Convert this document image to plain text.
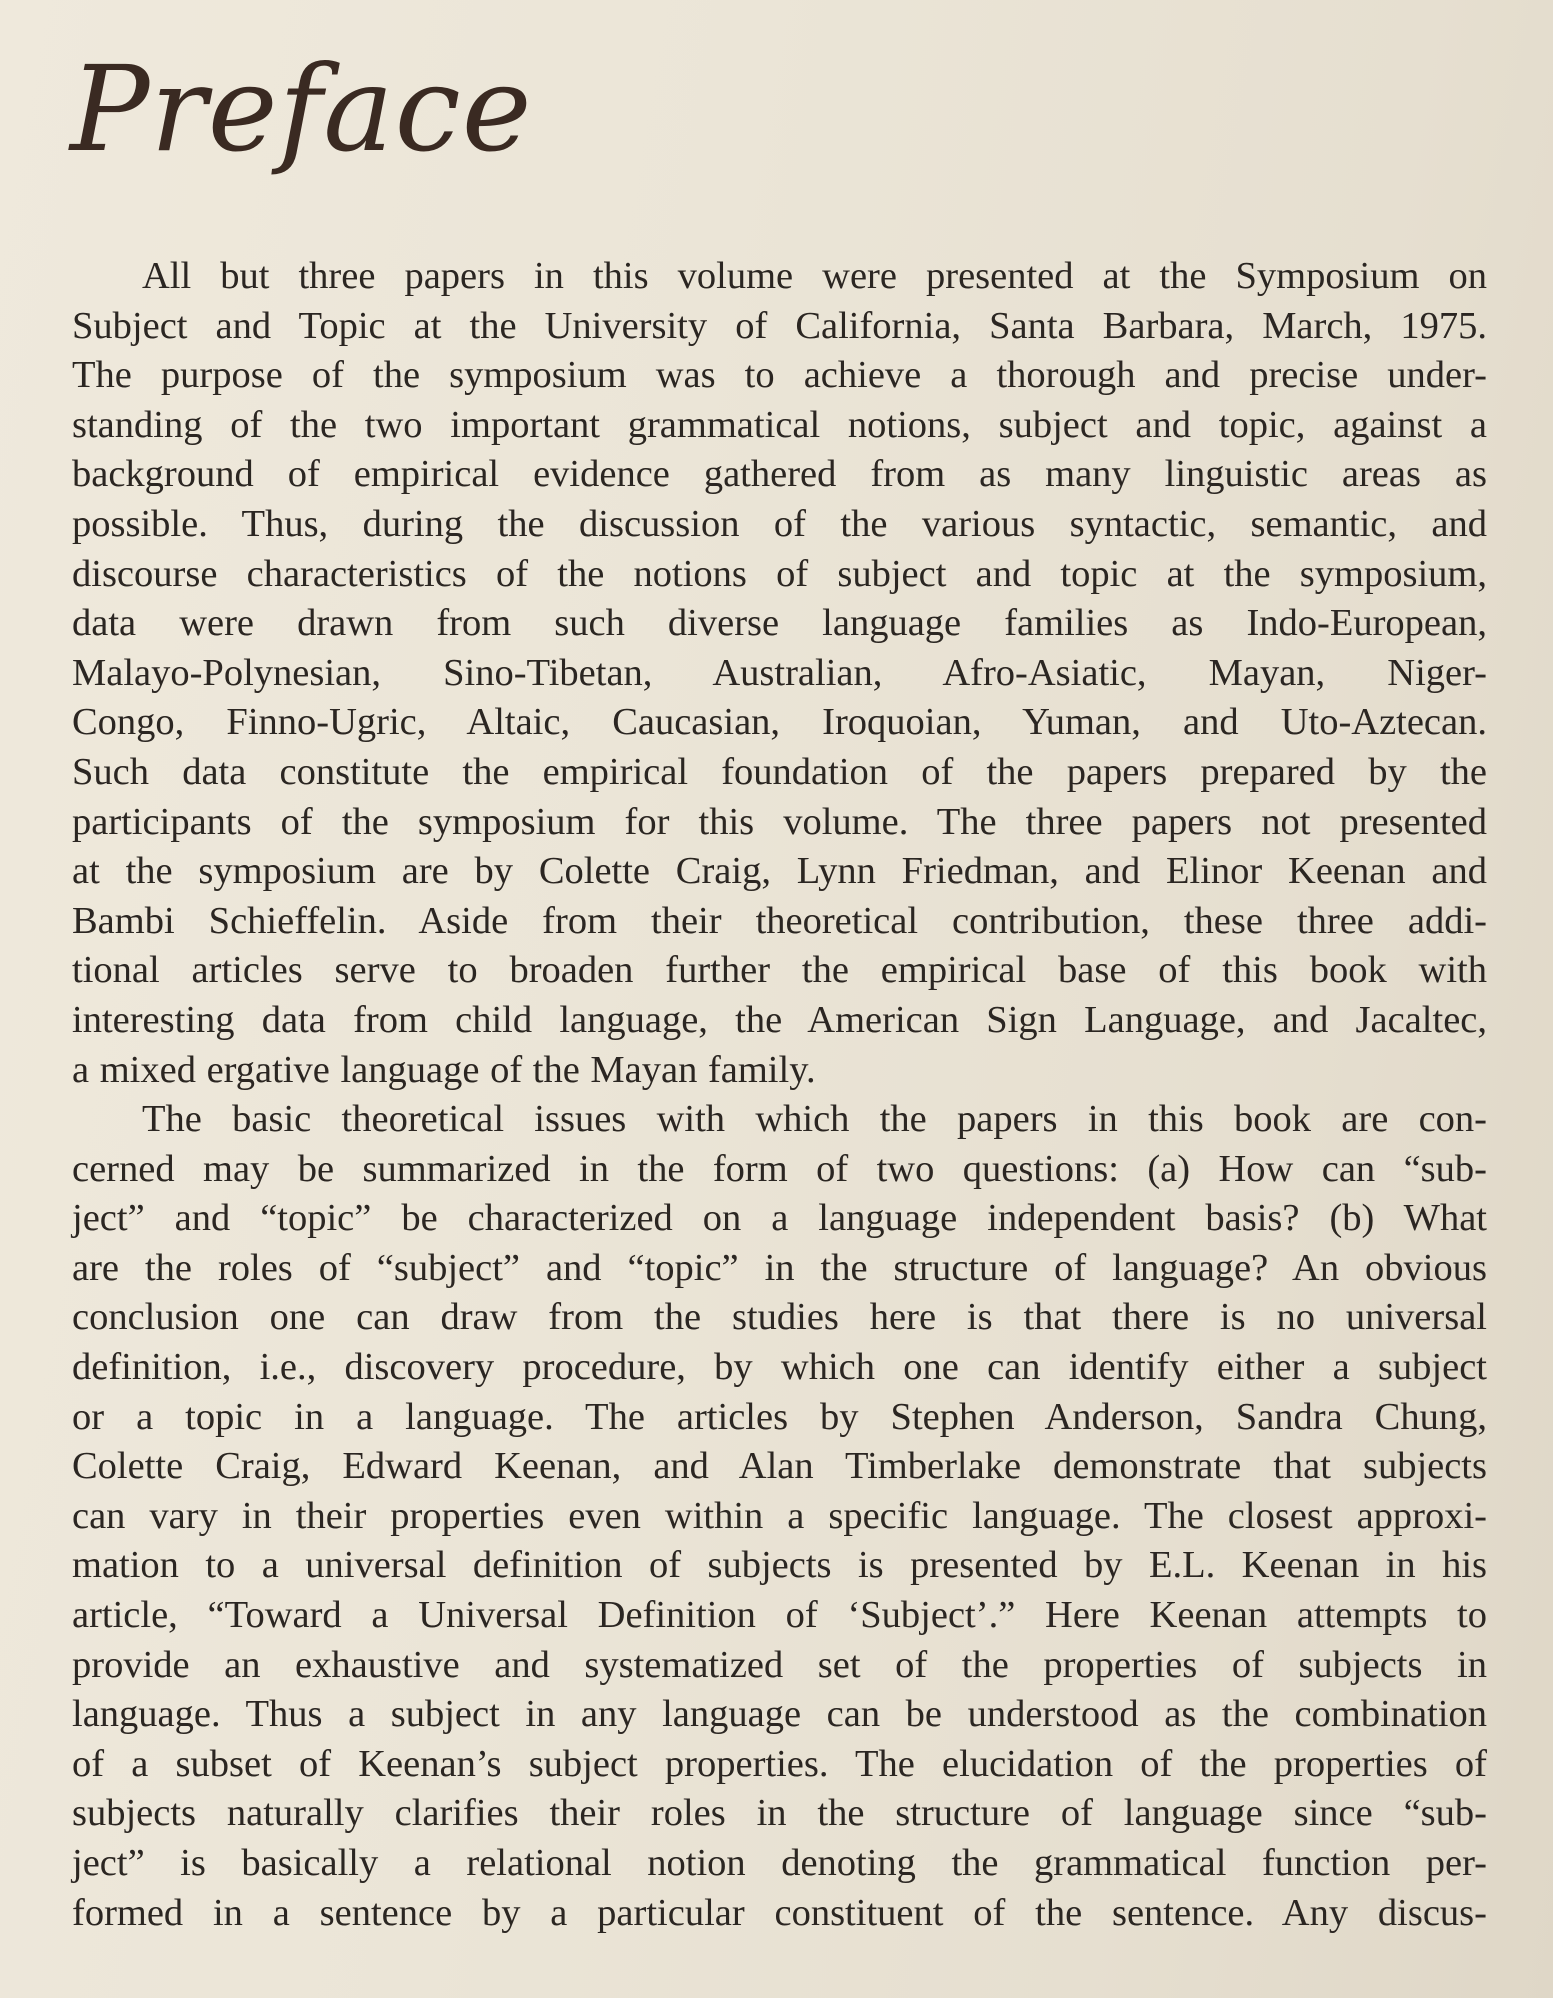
Preface

All but three papers in this volume were presented at the Symposium on
Subject and Topic at the University of California, Santa Barbara, March, 1975.
The purpose of the symposium was to achieve a thorough and precise under-
standing of the two important grammatical notions, subject and topic, against a
background of empirical evidence gathered from as many linguistic areas as
possible. Thus, during the discussion of the various syntactic, semantic, and
discourse characteristics of the notions of subject and topic at the symposium,
data were drawn from such diverse language families as Indo-European,
Malayo-Polynesian, Sino-Tibetan, Australian, Afro-Asiatic, Mayan, Niger-
Congo, Finno-Ugric, Altaic, Caucasian, Iroquoian, Yuman, and Uto-Aztecan.
Such data constitute the empirical foundation of the papers prepared by the
participants of the symposium for this volume. The three papers not presented
at the symposium are by Colette Craig, Lynn Friedman, and Elinor Keenan and
Bambi Schieffelin. Aside from their theoretical contribution, these three addi-
tional articles serve to broaden further the empirical base of this book with
interesting data from child language, the American Sign Language, and Jacaltec,
a mixed ergative language of the Mayan family.

The basic theoretical issues with which the papers in this book are con-
cerned may be summarized in the form of two questions: (a) How can “sub-
ject” and “topic” be characterized on a language independent basis? (b) What
are the roles of “subject” and “topic” in the structure of language? An obvious
conclusion one can draw from the studies here is that there is no universal
definition, i.e., discovery procedure, by which one can identify either a subject
or a topic in a language. The articles by Stephen Anderson, Sandra Chung,
Colette Craig, Edward Keenan, and Alan Timberlake demonstrate that subjects
can vary in their properties even within a specific language. The closest approxi-
mation to a universal definition of subjects is presented by E.L. Keenan in his
article, “Toward a Universal Definition of ‘Subject’.” Here Keenan attempts to
provide an exhaustive and systematized set of the properties of subjects in
language. Thus a subject in any language can be understood as the combination
of a subset of Keenan’s subject properties. The elucidation of the properties of
subjects naturally clarifies their roles in the structure of language since “sub-
ject” is basically a relational notion denoting the grammatical function per-
formed in a sentence by a particular constituent of the sentence. Any discus-
